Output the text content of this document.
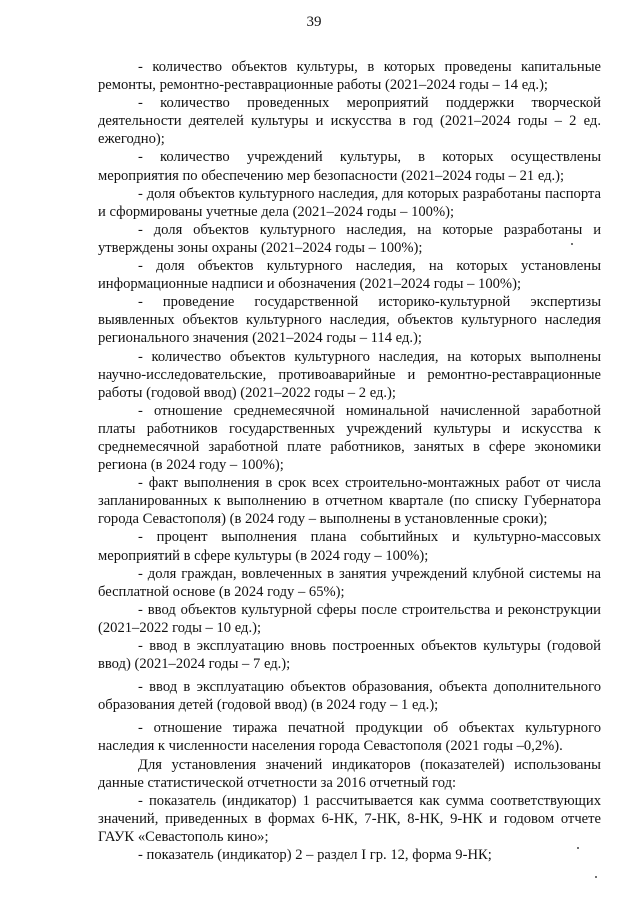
39

- количество объектов культуры, в которых проведены капитальные ремонты, ремонтно-реставрационные работы (2021–2024 годы – 14 ед.);

- количество проведенных мероприятий поддержки творческой деятельности деятелей культуры и искусства в год (2021–2024 годы – 2 ед. ежегодно);

- количество учреждений культуры, в которых осуществлены мероприятия по обеспечению мер безопасности (2021–2024 годы – 21 ед.);

- доля объектов культурного наследия, для которых разработаны паспорта и сформированы учетные дела (2021–2024 годы – 100%);

- доля объектов культурного наследия, на которые разработаны и утверждены зоны охраны (2021–2024 годы – 100%);

- доля объектов культурного наследия, на которых установлены информационные надписи и обозначения (2021–2024 годы – 100%);

- проведение государственной историко-культурной экспертизы выявленных объектов культурного наследия, объектов культурного наследия регионального значения (2021–2024 годы – 114 ед.);

- количество объектов культурного наследия, на которых выполнены научно-исследовательские, противоаварийные и ремонтно-реставрационные работы (годовой ввод) (2021–2022 годы – 2 ед.);

- отношение среднемесячной номинальной начисленной заработной платы работников государственных учреждений культуры и искусства к среднемесячной заработной плате работников, занятых в сфере экономики региона (в 2024 году – 100%);

- факт выполнения в срок всех строительно-монтажных работ от числа запланированных к выполнению в отчетном квартале (по списку Губернатора города Севастополя) (в 2024 году – выполнены в установленные сроки);

- процент выполнения плана событийных и культурно-массовых мероприятий в сфере культуры (в 2024 году – 100%);

- доля граждан, вовлеченных в занятия учреждений клубной системы на бесплатной основе (в 2024 году – 65%);

- ввод объектов культурной сферы после строительства и реконструкции (2021–2022 годы – 10 ед.);

- ввод в эксплуатацию вновь построенных объектов культуры (годовой ввод) (2021–2024 годы – 7 ед.);

- ввод в эксплуатацию объектов образования, объекта дополнительного образования детей (годовой ввод) (в 2024 году – 1 ед.);

- отношение тиража печатной продукции об объектах культурного наследия к численности населения города Севастополя (2021 годы –0,2%).

Для установления значений индикаторов (показателей) использованы данные статистической отчетности за 2016 отчетный год:

- показатель (индикатор) 1 рассчитывается как сумма соответствующих значений, приведенных в формах 6-НК, 7-НК, 8-НК, 9-НК и годовом отчете ГАУК «Севастополь кино»;

- показатель (индикатор) 2 – раздел I гр. 12, форма 9-НК;
